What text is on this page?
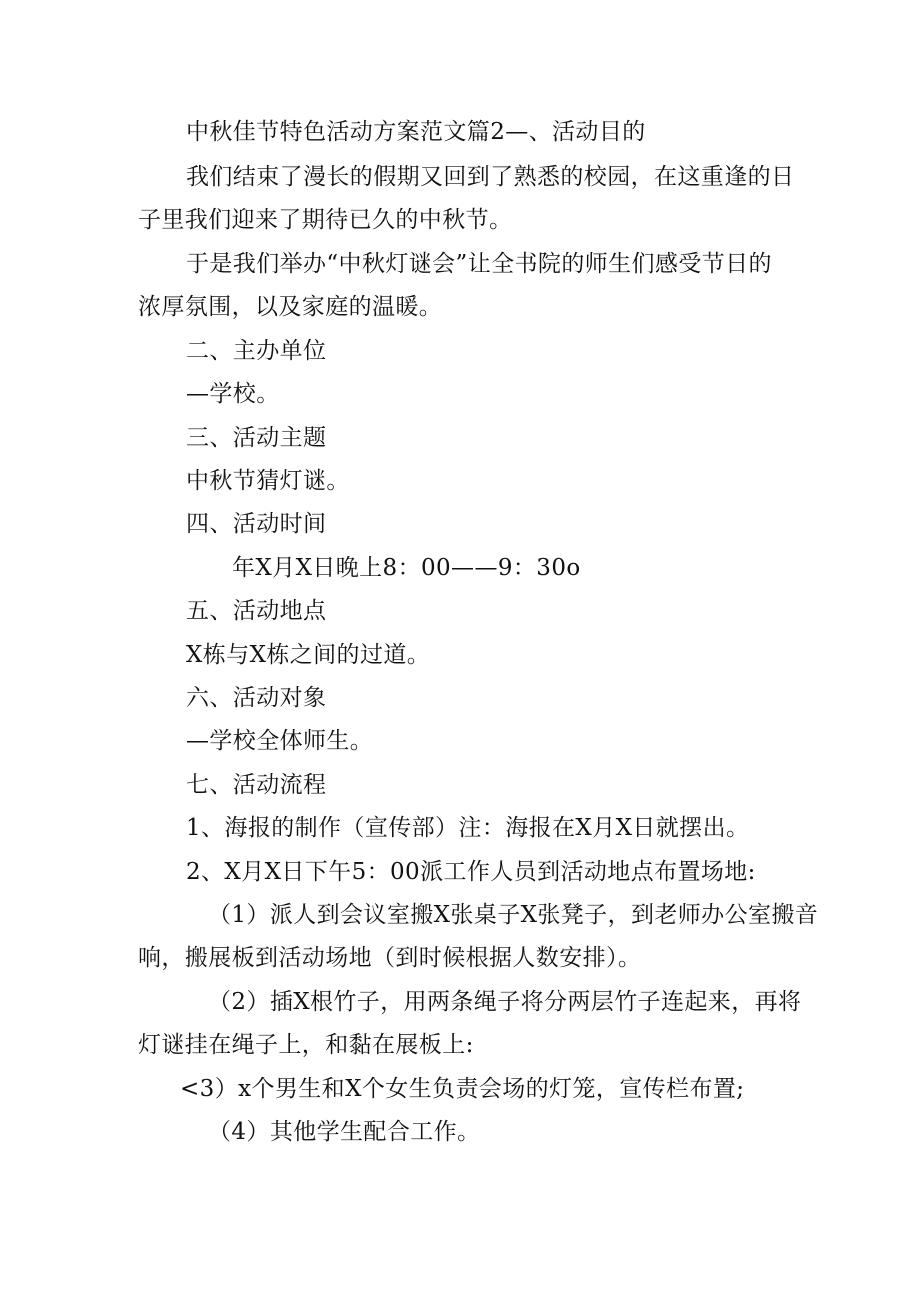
中秋佳节特色活动方案范文篇2—、活动目的
我们结束了漫长的假期又回到了熟悉的校园，在这重逢的日
子里我们迎来了期待已久的中秋节。
于是我们举办“中秋灯谜会”让全书院的师生们感受节日的
浓厚氛围，以及家庭的温暖。
二、主办单位
—学校。
三、活动主题
中秋节猜灯谜。
四、活动时间
年X月X日晚上8：00——9：30o
五、活动地点
X栋与X栋之间的过道。
六、活动对象
—学校全体师生。
七、活动流程
1、海报的制作（宣传部）注：海报在X月X日就摆出。
2、X月X日下午5：00派工作人员到活动地点布置场地:
（1）派人到会议室搬X张桌子X张凳子，到老师办公室搬音
响，搬展板到活动场地（到时候根据人数安排）。
（2）插X根竹子，用两条绳子将分两层竹子连起来，再将
灯谜挂在绳子上，和黏在展板上:
<3）x个男生和X个女生负责会场的灯笼，宣传栏布置;
（4）其他学生配合工作。
